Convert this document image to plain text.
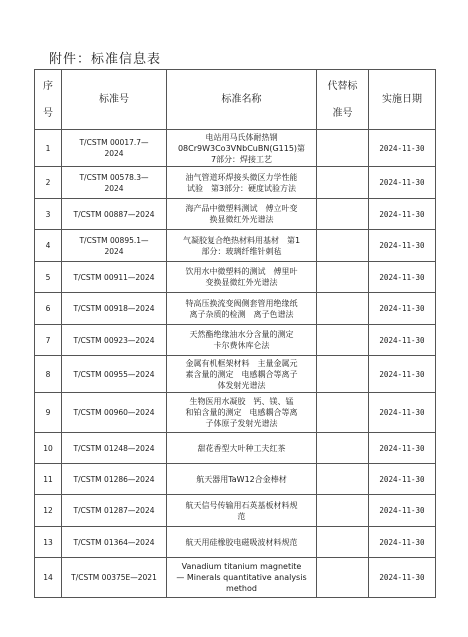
附件：标准信息表
序
号	标准号	标准名称	代替标
准号	实施日期
1	T/CSTM 00017.7—
2024	电站用马氏体耐热钢
08Cr9W3Co3VNbCuBN(G115)第
7部分：焊接工艺		2024-11-30
2	T/CSTM 00578.3—
2024	油气管道环焊接头微区力学性能
试验　第3部分：硬度试验方法		2024-11-30
3	T/CSTM 00887—2024	海产品中微塑料测试　傅立叶变
换显微红外光谱法		2024-11-30
4	T/CSTM 00895.1—
2024	气凝胶复合绝热材料用基材　第1
部分：玻璃纤维针刺毡		2024-11-30
5	T/CSTM 00911—2024	饮用水中微塑料的测试　傅里叶
变换显微红外光谱法		2024-11-30
6	T/CSTM 00918—2024	特高压换流变阀侧套管用绝缘纸
离子杂质的检测　离子色谱法		2024-11-30
7	T/CSTM 00923—2024	天然酯绝缘油水分含量的测定
卡尔费休库仑法		2024-11-30
8	T/CSTM 00955—2024	金属有机框架材料　主量金属元
素含量的测定　电感耦合等离子
体发射光谱法		2024-11-30
9	T/CSTM 00960—2024	生物医用水凝胶　钙、镁、锰
和铂含量的测定　电感耦合等离
子体原子发射光谱法		2024-11-30
10	T/CSTM 01248—2024	甜花香型大叶种工夫红茶		2024-11-30
11	T/CSTM 01286—2024	航天器用TaW12合金棒材		2024-11-30
12	T/CSTM 01287—2024	航天信号传输用石英基板材料规
范		2024-11-30
13	T/CSTM 01364—2024	航天用硅橡胶电磁吸波材料规范		2024-11-30
14	T/CSTM 00375E—2021	Vanadium titanium magnetite
— Minerals quantitative analysis
method		2024-11-30
